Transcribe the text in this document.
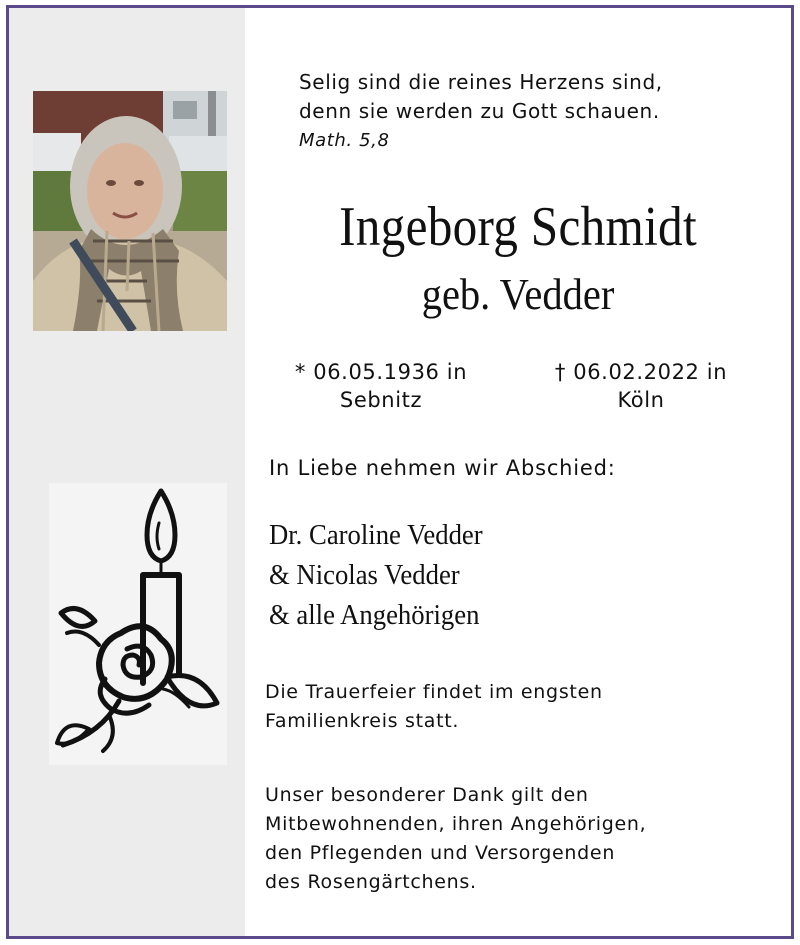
Selig sind die reines Herzens sind,
denn sie werden zu Gott schauen.
Math. 5,8
Ingeborg Schmidt
geb. Vedder
* 06.05.1936 in
Sebnitz
† 06.02.2022 in
Köln
In Liebe nehmen wir Abschied:
Dr. Caroline Vedder
& Nicolas Vedder
& alle Angehörigen
Die Trauerfeier findet im engsten
Familienkreis statt.
Unser besonderer Dank gilt den
Mitbewohnenden, ihren Angehörigen,
den Pflegenden und Versorgenden
des Rosengärtchens.
